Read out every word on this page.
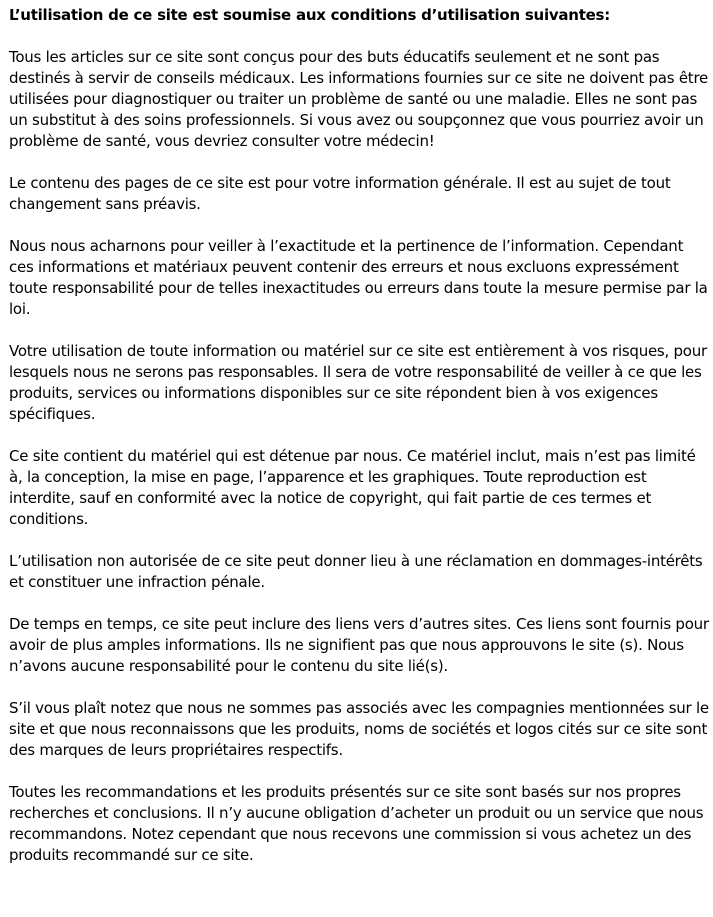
L’utilisation de ce site est soumise aux conditions d’utilisation suivantes:

Tous les articles sur ce site sont conçus pour des buts éducatifs seulement et ne sont pas destinés à servir de conseils médicaux. Les informations fournies sur ce site ne doivent pas être utilisées pour diagnostiquer ou traiter un problème de santé ou une maladie. Elles ne sont pas un substitut à des soins professionnels. Si vous avez ou soupçonnez que vous pourriez avoir un problème de santé, vous devriez consulter votre médecin!

Le contenu des pages de ce site est pour votre information générale. Il est au sujet de tout changement sans préavis.

Nous nous acharnons pour veiller à l’exactitude et la pertinence de l’information. Cependant ces informations et matériaux peuvent contenir des erreurs et nous excluons expressément toute responsabilité pour de telles inexactitudes ou erreurs dans toute la mesure permise par la loi.

Votre utilisation de toute information ou matériel sur ce site est entièrement à vos risques, pour lesquels nous ne serons pas responsables. Il sera de votre responsabilité de veiller à ce que les produits, services ou informations disponibles sur ce site répondent bien à vos exigences spécifiques.

Ce site contient du matériel qui est détenue par nous. Ce matériel inclut, mais n’est pas limité à, la conception, la mise en page, l’apparence et les graphiques. Toute reproduction est interdite, sauf en conformité avec la notice de copyright, qui fait partie de ces termes et conditions.

L’utilisation non autorisée de ce site peut donner lieu à une réclamation en dommages-intérêts et constituer une infraction pénale.

De temps en temps, ce site peut inclure des liens vers d’autres sites. Ces liens sont fournis pour avoir de plus amples informations. Ils ne signifient pas que nous approuvons le site (s). Nous n’avons aucune responsabilité pour le contenu du site lié(s).

S’il vous plaît notez que nous ne sommes pas associés avec les compagnies mentionnées sur le site et que nous reconnaissons que les produits, noms de sociétés et logos cités sur ce site sont des marques de leurs propriétaires respectifs.

Toutes les recommandations et les produits présentés sur ce site sont basés sur nos propres recherches et conclusions. Il n’y aucune obligation d’acheter un produit ou un service que nous recommandons. Notez cependant que nous recevons une commission si vous achetez un des produits recommandé sur ce site.
